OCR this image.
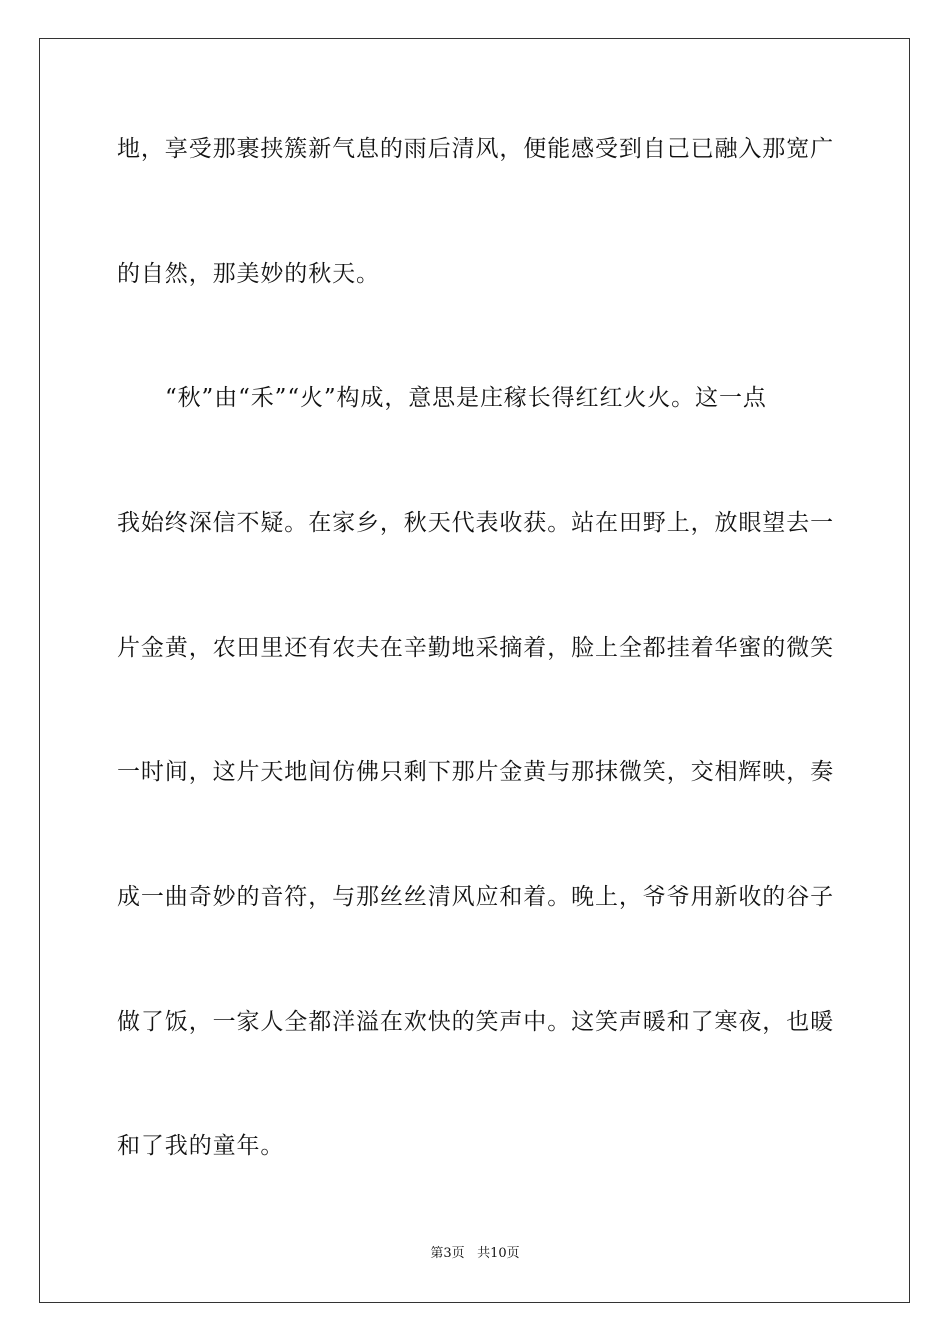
地，享受那裹挟簇新气息的雨后清风，便能感受到自己已融入那宽广
的自然，那美妙的秋天。
“秋”由“禾”“火”构成，意思是庄稼长得红红火火。这一点
我始终深信不疑。在家乡，秋天代表收获。站在田野上，放眼望去一
片金黄，农田里还有农夫在辛勤地采摘着，脸上全都挂着华蜜的微笑
一时间，这片天地间仿佛只剩下那片金黄与那抹微笑，交相辉映，奏
成一曲奇妙的音符，与那丝丝清风应和着。晚上，爷爷用新收的谷子
做了饭，一家人全都洋溢在欢快的笑声中。这笑声暖和了寒夜，也暖
和了我的童年。
第3页 共10页
